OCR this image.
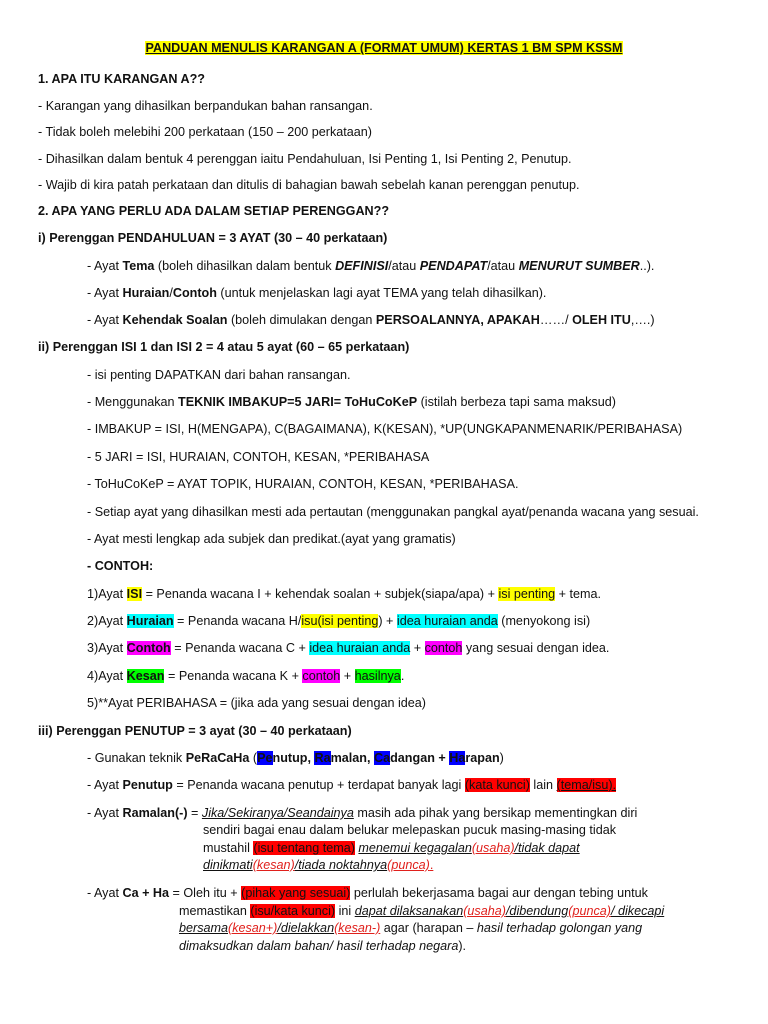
PANDUAN MENULIS KARANGAN A (FORMAT UMUM) KERTAS 1 BM SPM KSSM
1. APA ITU KARANGAN A??
- Karangan yang dihasilkan berpandukan bahan ransangan.
- Tidak boleh melebihi 200 perkataan (150 – 200 perkataan)
- Dihasilkan dalam bentuk 4 perenggan iaitu Pendahuluan, Isi Penting 1, Isi Penting 2, Penutup.
- Wajib di kira patah perkataan dan ditulis di bahagian bawah sebelah kanan perenggan penutup.
2. APA YANG PERLU ADA DALAM SETIAP PERENGGAN??
i) Perenggan PENDAHULUAN = 3 AYAT (30 – 40 perkataan)
- Ayat Tema (boleh dihasilkan dalam bentuk DEFINISI/atau PENDAPAT/atau MENURUT SUMBER..).
- Ayat Huraian/Contoh (untuk menjelaskan lagi ayat TEMA yang telah dihasilkan).
- Ayat Kehendak Soalan (boleh dimulakan dengan PERSOALANNYA, APAKAH……/ OLEH ITU,….)
ii) Perenggan ISI 1 dan ISI 2 = 4 atau 5 ayat (60 – 65 perkataan)
- isi penting DAPATKAN dari bahan ransangan.
- Menggunakan TEKNIK IMBAKUP=5 JARI= ToHuCoKeP (istilah berbeza tapi sama maksud)
- IMBAKUP = ISI, H(MENGAPA), C(BAGAIMANA), K(KESAN), *UP(UNGKAPANMENARIK/PERIBAHASA)
- 5 JARI = ISI, HURAIAN, CONTOH, KESAN, *PERIBAHASA
- ToHuCoKeP = AYAT TOPIK, HURAIAN, CONTOH, KESAN, *PERIBAHASA.
- Setiap ayat yang dihasilkan mesti ada pertautan (menggunakan pangkal ayat/penanda wacana yang sesuai.
- Ayat mesti lengkap ada subjek dan predikat.(ayat yang gramatis)
- CONTOH:
1)Ayat ISI = Penanda wacana I + kehendak soalan + subjek(siapa/apa) + isi penting + tema.
2)Ayat Huraian = Penanda wacana H/isu(isi penting) + idea huraian anda (menyokong isi)
3)Ayat Contoh = Penanda wacana C + idea huraian anda + contoh yang sesuai dengan idea.
4)Ayat Kesan = Penanda wacana K + contoh + hasilnya.
5)**Ayat PERIBAHASA = (jika ada yang sesuai dengan idea)
iii) Perenggan PENUTUP = 3 ayat (30 – 40 perkataan)
- Gunakan teknik PeRaCaHa (Penutup, Ramalan, Cadangan + Harapan)
- Ayat Penutup = Penanda wacana penutup + terdapat banyak lagi (kata kunci) lain (tema/isu).
- Ayat Ramalan(-) = Jika/Sekiranya/Seandainya masih ada pihak yang bersikap mementingkan diri
sendiri bagai enau dalam belukar melepaskan pucuk masing-masing tidak
mustahil (isu tentang tema) menemui kegagalan(usaha)/tidak dapat
dinikmati(kesan)/tiada noktahnya(punca).
- Ayat Ca + Ha = Oleh itu + (pihak yang sesuai) perlulah bekerjasama bagai aur dengan tebing untuk
memastikan (isu/kata kunci) ini dapat dilaksanakan(usaha)/dibendung(punca)/ dikecapi
bersama(kesan+)/dielakkan(kesan-) agar (harapan – hasil terhadap golongan yang
dimaksudkan dalam bahan/ hasil terhadap negara).
